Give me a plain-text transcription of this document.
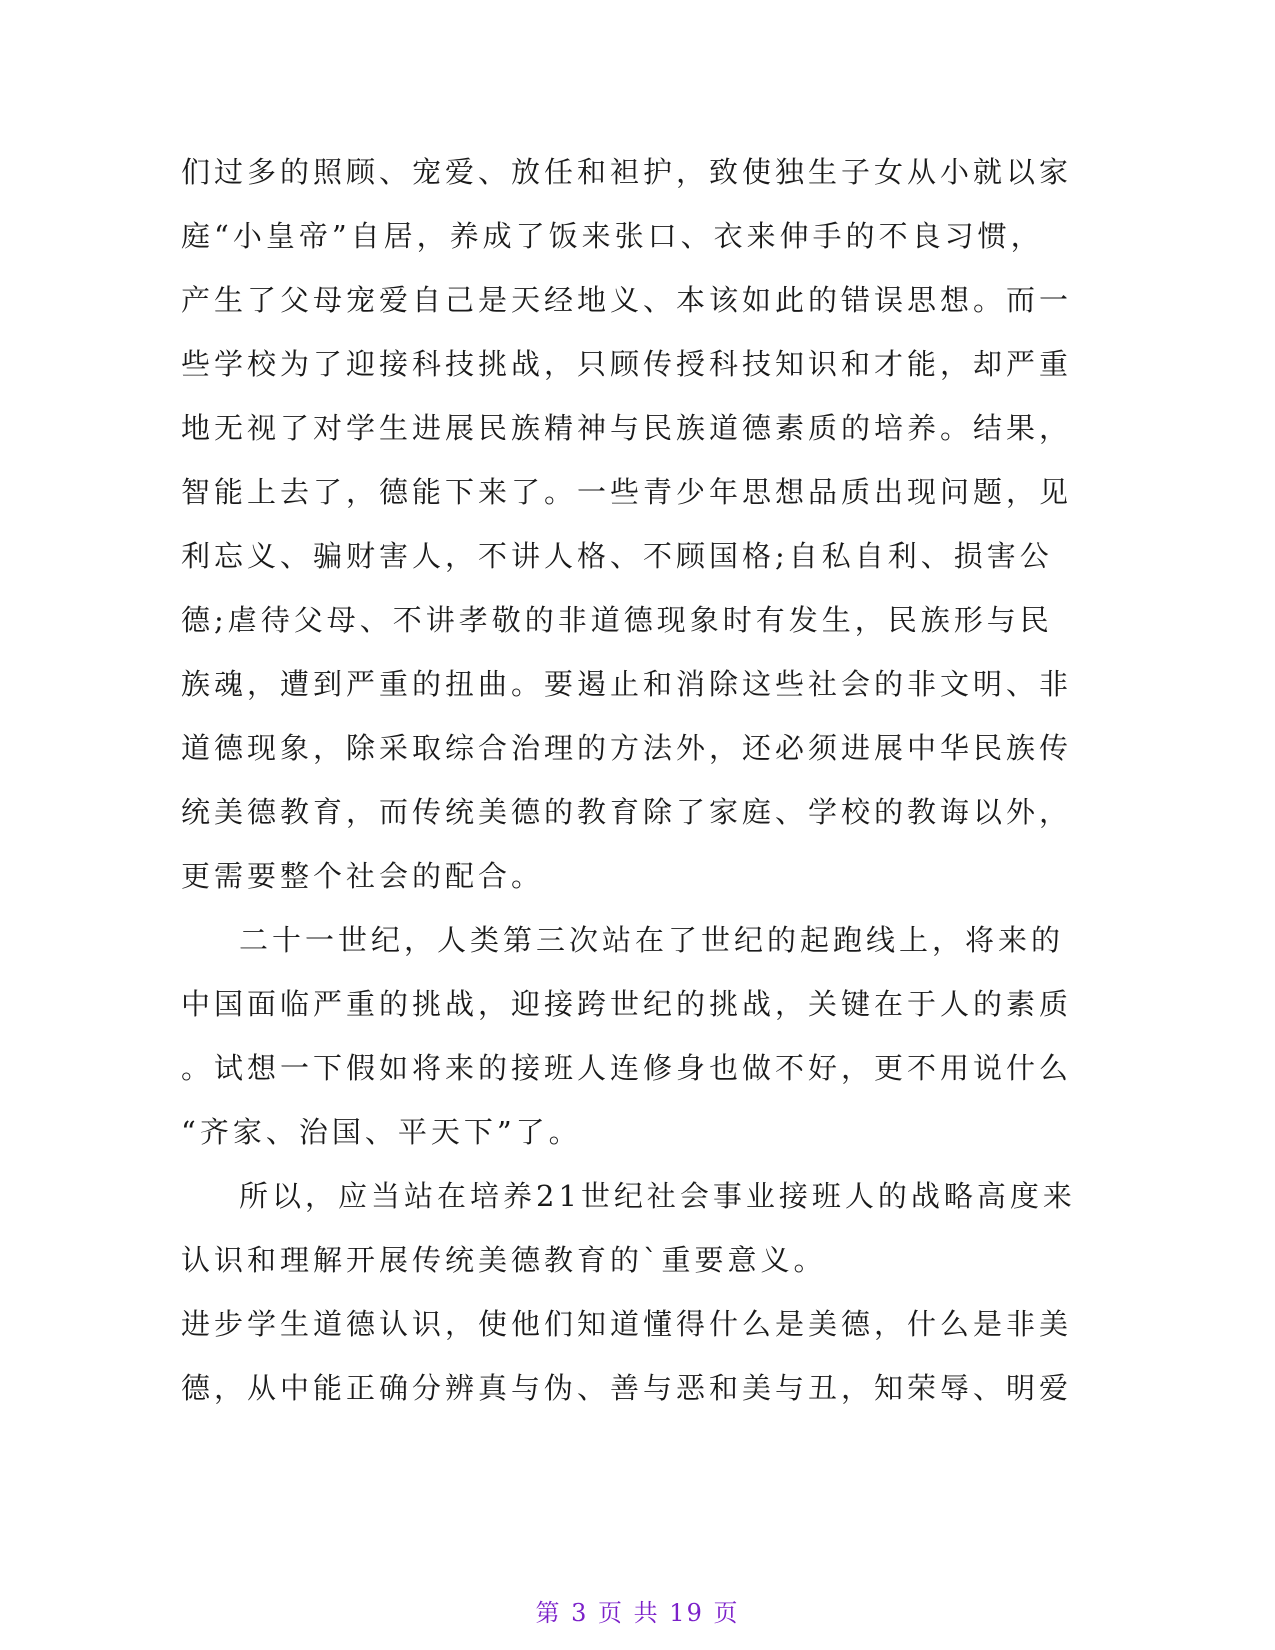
们过多的照顾、宠爱、放任和袒护，致使独生子女从小就以家
庭“小皇帝”自居，养成了饭来张口、衣来伸手的不良习惯，
产生了父母宠爱自己是天经地义、本该如此的错误思想。而一
些学校为了迎接科技挑战，只顾传授科技知识和才能，却严重
地无视了对学生进展民族精神与民族道德素质的培养。结果，
智能上去了，德能下来了。一些青少年思想品质出现问题，见
利忘义、骗财害人，不讲人格、不顾国格;自私自利、损害公
德;虐待父母、不讲孝敬的非道德现象时有发生，民族形与民
族魂，遭到严重的扭曲。要遏止和消除这些社会的非文明、非
道德现象，除采取综合治理的方法外，还必须进展中华民族传
统美德教育，而传统美德的教育除了家庭、学校的教诲以外，
更需要整个社会的配合。
二十一世纪，人类第三次站在了世纪的起跑线上，将来的
中国面临严重的挑战，迎接跨世纪的挑战，关键在于人的素质
。试想一下假如将来的接班人连修身也做不好，更不用说什么
“齐家、治国、平天下”了。
所以，应当站在培养21世纪社会事业接班人的战略高度来
认识和理解开展传统美德教育的`重要意义。
进步学生道德认识，使他们知道懂得什么是美德，什么是非美
德，从中能正确分辨真与伪、善与恶和美与丑，知荣辱、明爱
第 3 页 共 19 页
